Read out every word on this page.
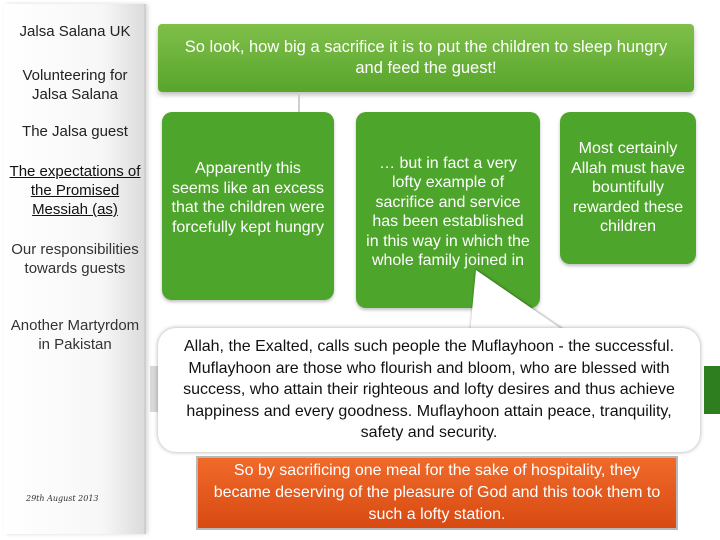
Jalsa Salana UK
Volunteering for Jalsa Salana
The Jalsa guest
The expectations of the Promised Messiah (as)
Our responsibilities towards guests
Another Martyrdom in Pakistan
29th August 2013
So look, how big a sacrifice it is to put the children to sleep hungry and feed the guest!
Apparently this seems like an excess that the children were forcefully kept hungry
… but in fact a very lofty example of sacrifice and service has been established in this way in which the whole family joined in
Most certainly Allah must have bountifully rewarded these children
Allah, the Exalted, calls such people the Muflayhoon - the successful. Muflayhoon are those who flourish and bloom, who are blessed with success, who attain their righteous and lofty desires and thus achieve happiness and every goodness. Muflayhoon attain peace, tranquility, safety and security.
So by sacrificing one meal for the sake of hospitality, they became deserving of the pleasure of God and this took them to such a lofty station.
